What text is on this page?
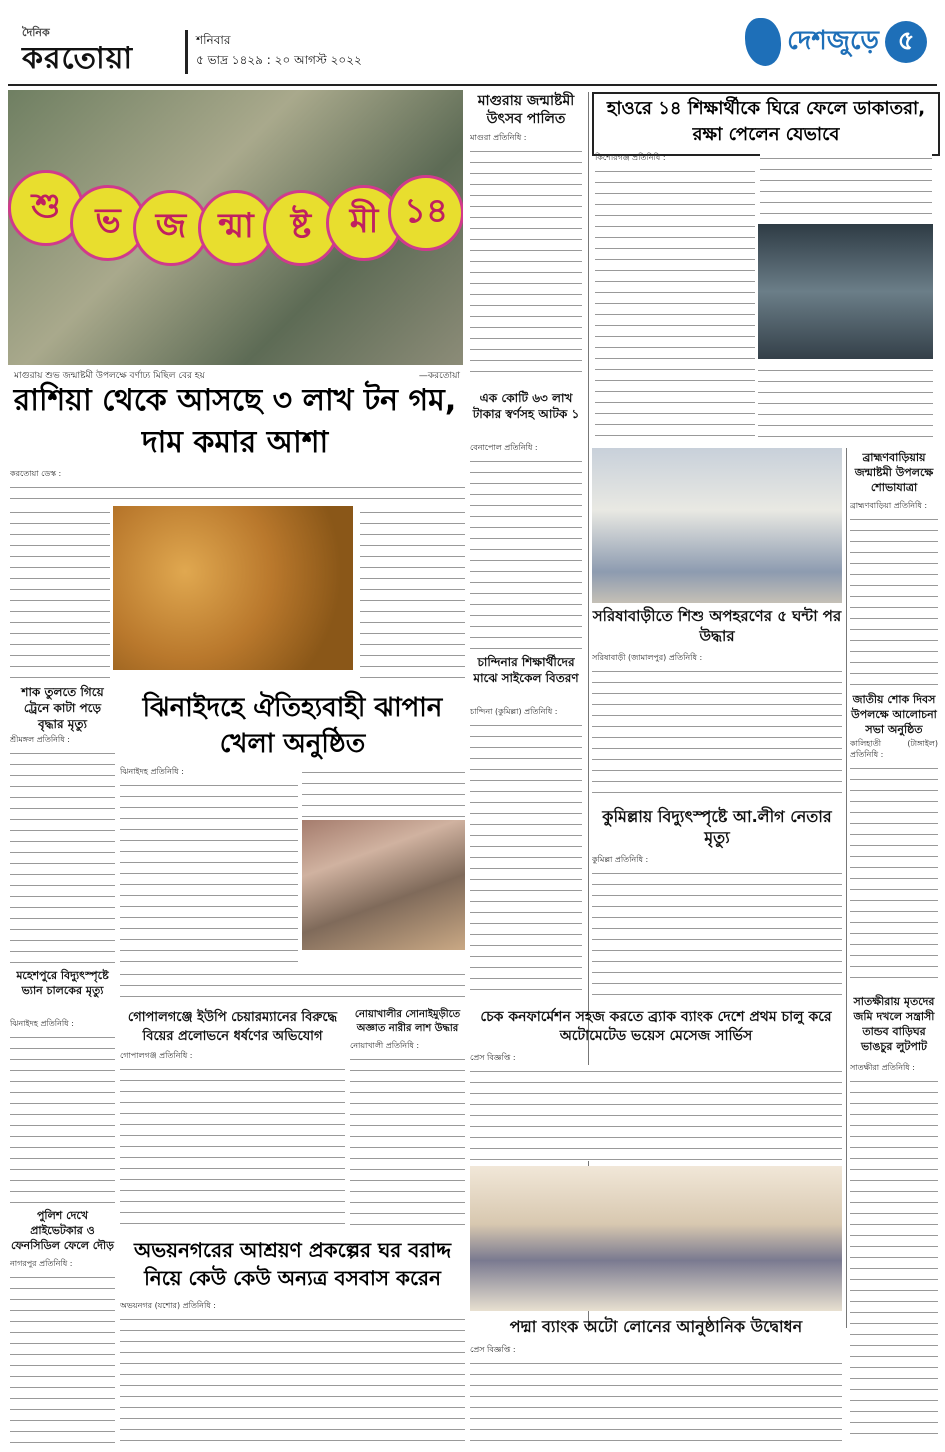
দৈনিক
করতোয়া
শনিবার
৫ ভাদ্র ১৪২৯ : ২০ আগস্ট ২০২২
দেশজুড়ে ৫
শু	ভ	জ ন্মা	ষ্ট	মী ১৪
মাগুরায় শুভ জন্মাষ্টমী উপলক্ষে বর্ণাঢ্য মিছিল বের হয়	—করতোয়া
মাগুরায় জন্মাষ্টমী উৎসব পালিত

মাগুরা প্রতিনিধি :

হাওরে ১৪ শিক্ষার্থীকে ঘিরে ফেলে ডাকাতরা, রক্ষা পেলেন যেভাবে

কিশোরগঞ্জ প্রতিনিধি :

রাশিয়া থেকে আসছে ৩ লাখ টন গম, দাম কমার আশা

করতোয়া ডেস্ক :

এক কোটি ৬৩ লাখ টাকার স্বর্ণসহ আটক ১

বেনাপোল প্রতিনিধি :

সরিষাবাড়ীতে শিশু অপহরণের ৫ ঘন্টা পর উদ্ধার

সরিষাবাড়ী (জামালপুর) প্রতিনিধি :

ব্রাহ্মণবাড়িয়ায় জন্মাষ্টমী উপলক্ষে শোভাযাত্রা

ব্রাহ্মণবাড়িয়া প্রতিনিধি :

জাতীয় শোক দিবস উপলক্ষে আলোচনা সভা অনুষ্ঠিত

কালিহাতী (টাঙ্গাইল) প্রতিনিধি :

সাতক্ষীরায় মৃতদের জমি দখলে সন্ত্রাসী তান্ডব বাড়িঘর ভাঙচুর লুটপাট

সাতক্ষীরা প্রতিনিধি :

শাক তুলতে গিয়ে ট্রেনে কাটা পড়ে বৃদ্ধার মৃত্যু

শ্রীমঙ্গল প্রতিনিধি :

ঝিনাইদহে ঐতিহ্যবাহী ঝাপান খেলা অনুষ্ঠিত

ঝিনাইদহ প্রতিনিধি :

চান্দিনার শিক্ষার্থীদের মাঝে সাইকেল বিতরণ

চান্দিনা (কুমিল্লা) প্রতিনিধি :

কুমিল্লায় বিদ্যুৎস্পৃষ্টে আ.লীগ নেতার মৃত্যু

কুমিল্লা প্রতিনিধি :

মহেশপুরে বিদ্যুৎস্পৃষ্টে ভ্যান চালকের মৃত্যু

ঝিনাইদহ প্রতিনিধি :

পুলিশ দেখে প্রাইভেটকার ও ফেনসিডিল ফেলে দৌড়

নাগরপুর প্রতিনিধি :

গোপালগঞ্জে ইউপি চেয়ারম্যানের বিরুদ্ধে বিয়ের প্রলোভনে ধর্ষণের অভিযোগ

গোপালগঞ্জ প্রতিনিধি :

নোয়াখালীর সোনাইমুড়ীতে অজ্ঞাত নারীর লাশ উদ্ধার

নোয়াখালী প্রতিনিধি :

চেক কনফার্মেশন সহজ করতে ব্র্যাক ব্যাংক দেশে প্রথম চালু করে অটোমেটেড ভয়েস মেসেজ সার্ভিস

প্রেস বিজ্ঞপ্তি :

অভয়নগরের আশ্রয়ণ প্রকল্পের ঘর বরাদ্দ নিয়ে কেউ কেউ অন্যত্র বসবাস করেন

অভয়নগর (যশোর) প্রতিনিধি :

পদ্মা ব্যাংক অটো লোনের আনুষ্ঠানিক উদ্বোধন

প্রেস বিজ্ঞপ্তি :
